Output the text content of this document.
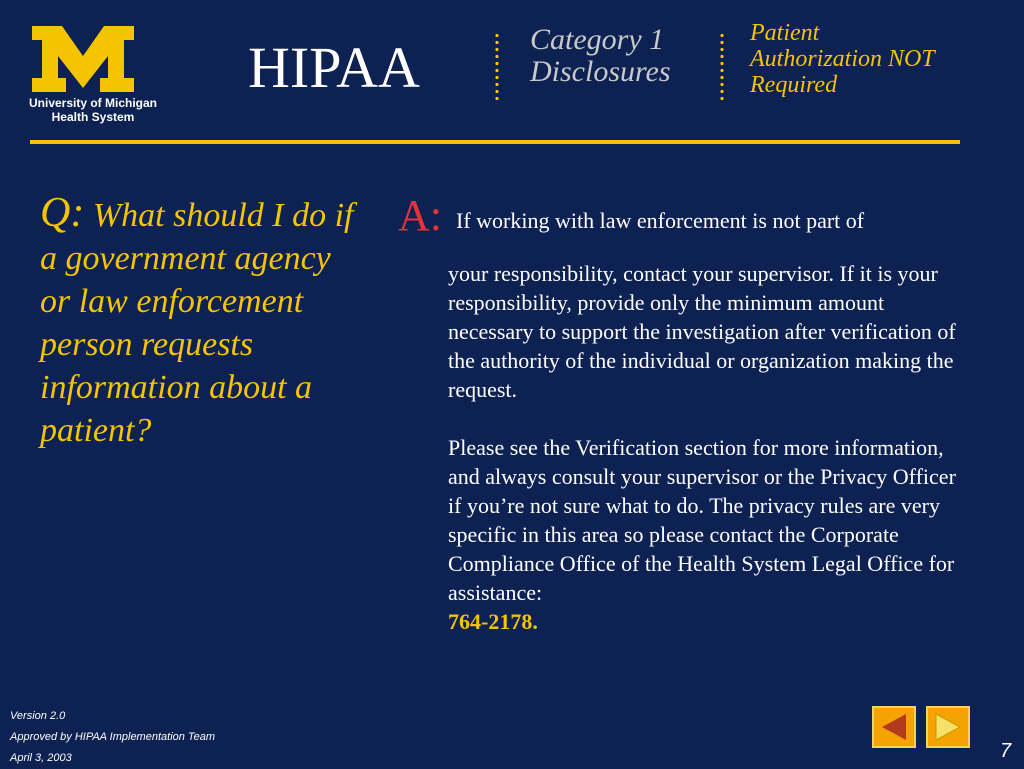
University of Michigan
Health System
HIPAA	Category 1
Disclosures
Patient
Authorization NOT
Required
Q: What should I do if a government agency or law enforcement person requests information about a patient?
A: If working with law enforcement is not part of

your responsibility, contact your supervisor. If it is your responsibility, provide only the minimum amount necessary to support the investigation after verification of the authority of the individual or organization making the request.

Please see the Verification section for more information, and always consult your supervisor or the Privacy Officer if you’re not sure what to do. The privacy rules are very specific in this area so please contact the Corporate Compliance Office of the Health System Legal Office for assistance:
764-2178.
Version 2.0
Approved by HIPAA Implementation Team
April 3, 2003	7
